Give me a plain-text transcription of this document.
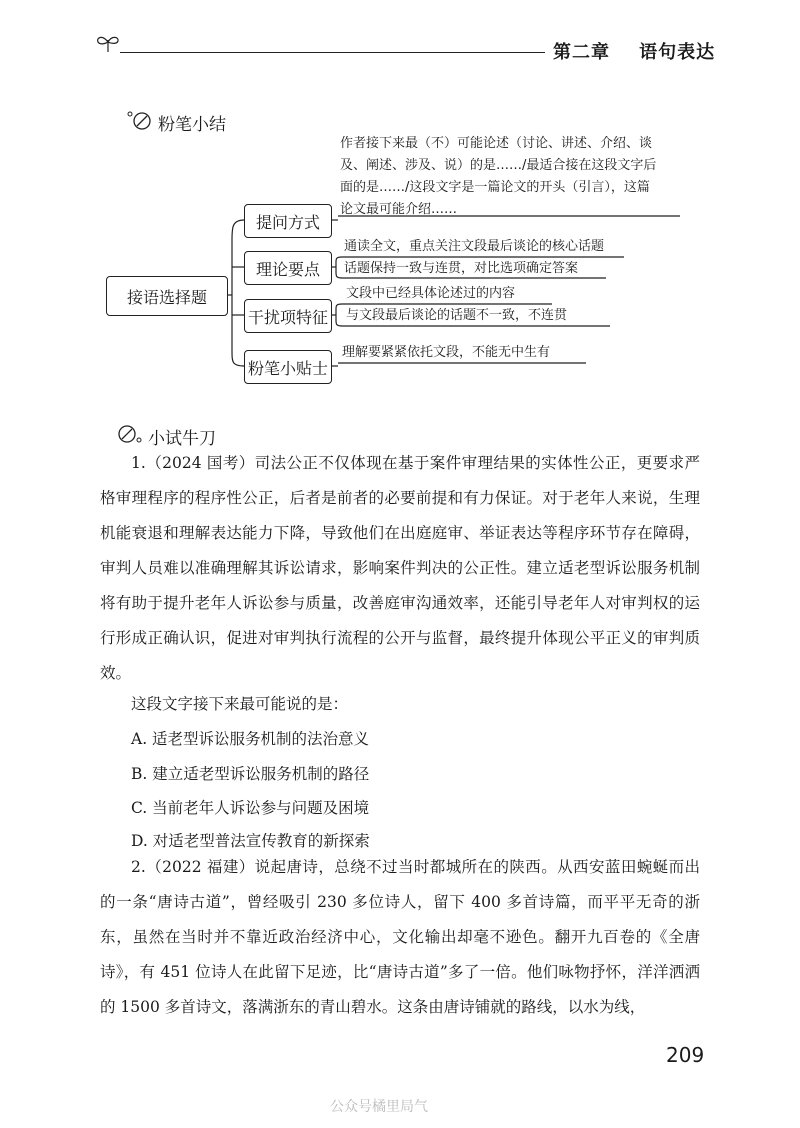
第二章 语句表达
粉笔小结
接语选择题
提问方式
理论要点
干扰项特征
粉笔小贴士
作者接下来最（不）可能论述（讨论、讲述、介绍、谈
及、阐述、涉及、说）的是……/最适合接在这段文字后
面的是……/这段文字是一篇论文的开头（引言），这篇
论文最可能介绍……
通读全文，重点关注文段最后谈论的核心话题
话题保持一致与连贯，对比选项确定答案
文段中已经具体论述过的内容
与文段最后谈论的话题不一致，不连贯
理解要紧紧依托文段，不能无中生有
小试牛刀

1.（2024 国考）司法公正不仅体现在基于案件审理结果的实体性公正，更要求严格审理程序的程序性公正，后者是前者的必要前提和有力保证。对于老年人来说，生理机能衰退和理解表达能力下降，导致他们在出庭庭审、举证表达等程序环节存在障碍，审判人员难以准确理解其诉讼请求，影响案件判决的公正性。建立适老型诉讼服务机制将有助于提升老年人诉讼参与质量，改善庭审沟通效率，还能引导老年人对审判权的运行形成正确认识，促进对审判执行流程的公开与监督，最终提升体现公平正义的审判质效。

这段文字接下来最可能说的是：
A. 适老型诉讼服务机制的法治意义
B. 建立适老型诉讼服务机制的路径
C. 当前老年人诉讼参与问题及困境
D. 对适老型普法宣传教育的新探索

2.（2022 福建）说起唐诗，总绕不过当时都城所在的陕西。从西安蓝田蜿蜒而出的一条“唐诗古道”，曾经吸引 230 多位诗人，留下 400 多首诗篇，而平平无奇的浙东，虽然在当时并不靠近政治经济中心，文化输出却毫不逊色。翻开九百卷的《全唐诗》，有 451 位诗人在此留下足迹，比“唐诗古道”多了一倍。他们咏物抒怀，洋洋洒洒的 1500 多首诗文，落满浙东的青山碧水。这条由唐诗铺就的路线，以水为线，

209
公众号橘里局气
